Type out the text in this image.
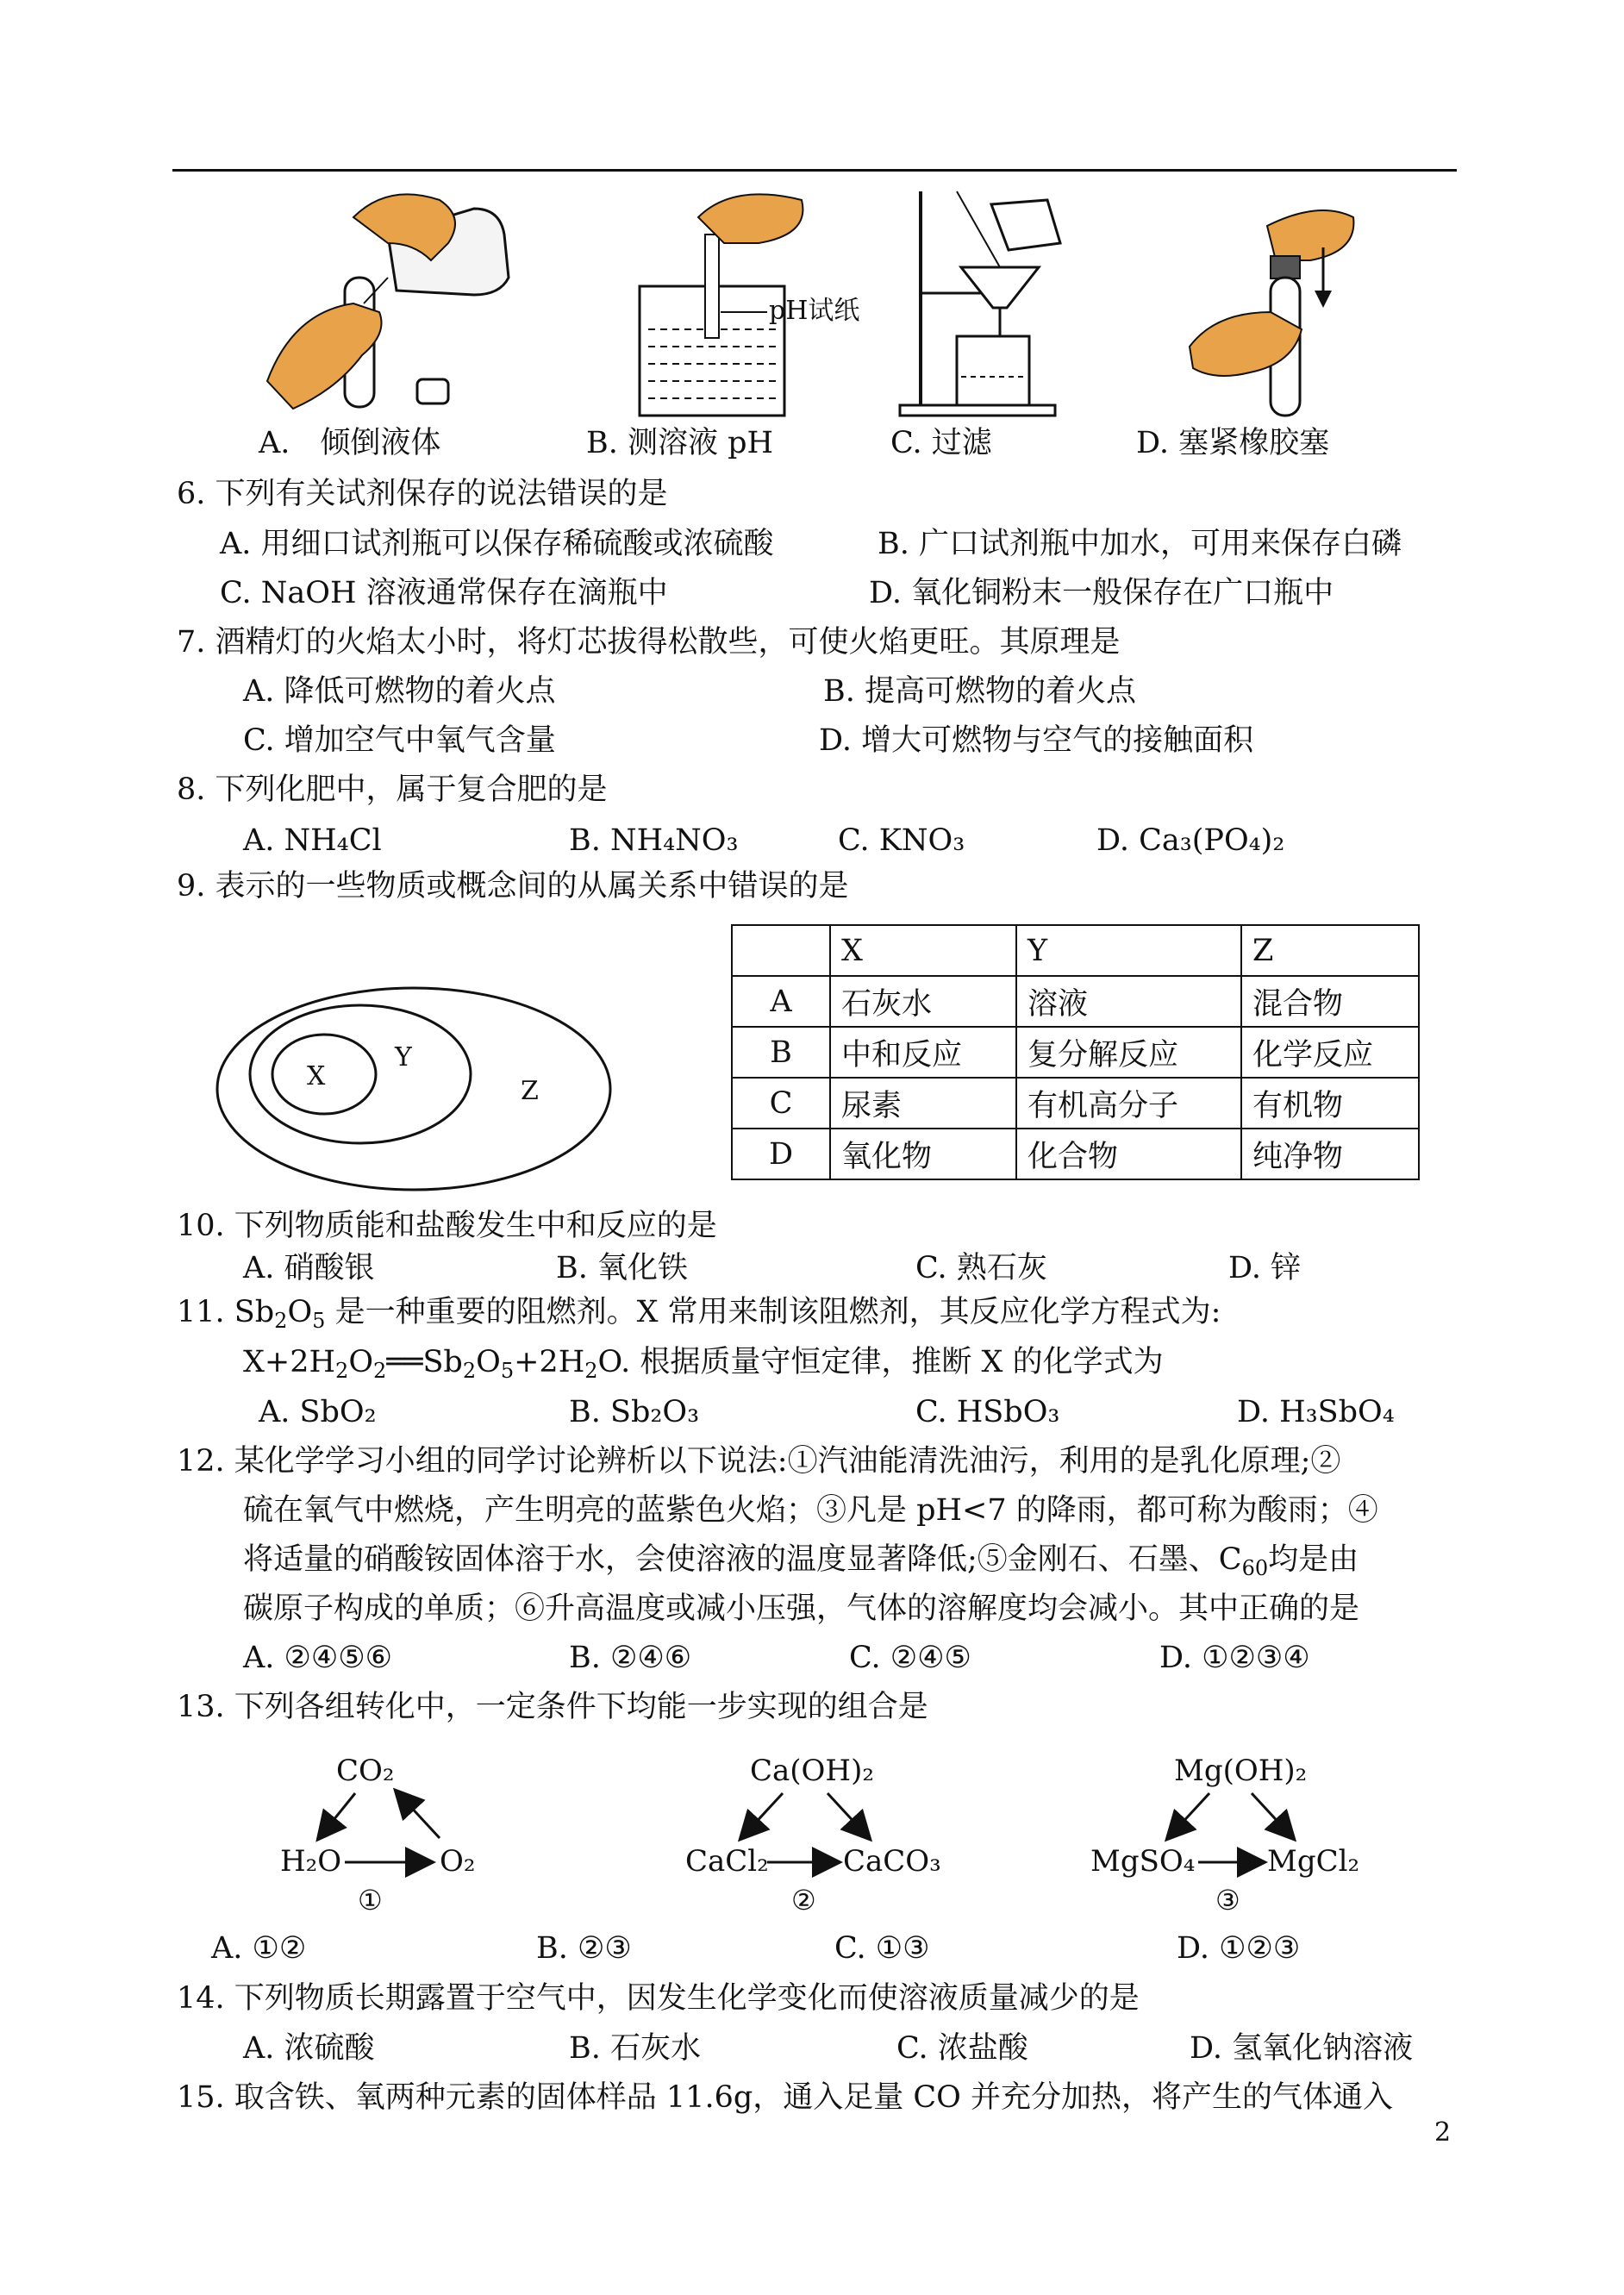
A.　倾倒液体
pH试纸
B. 测溶液 pH	C. 过滤	D. 塞紧橡胶塞
6. 下列有关试剂保存的说法错误的是
A. 用细口试剂瓶可以保存稀硫酸或浓硫酸	B. 广口试剂瓶中加水，可用来保存白磷
C. NaOH 溶液通常保存在滴瓶中	D. 氧化铜粉末一般保存在广口瓶中
7. 酒精灯的火焰太小时，将灯芯拔得松散些，可使火焰更旺。其原理是
A. 降低可燃物的着火点	B. 提高可燃物的着火点
C. 增加空气中氧气含量	D. 增大可燃物与空气的接触面积
8. 下列化肥中，属于复合肥的是
A. NH₄Cl	B. NH₄NO₃	C. KNO₃	D. Ca₃(PO₄)₂
9. 表示的一些物质或概念间的从属关系中错误的是
X
Y
Z
	X	Y	Z
A	石灰水	溶液	混合物
B	中和反应	复分解反应	化学反应
C	尿素	有机高分子	有机物
D	氧化物	化合物	纯净物
10. 下列物质能和盐酸发生中和反应的是
A. 硝酸银	B. 氧化铁	C. 熟石灰	D. 锌
11. $Sb_2O_5$ 是一种重要的阻燃剂。X 常用来制该阻燃剂，其反应化学方程式为:
$X+2H_2O_2══Sb_2O_5+2H_2O$. 根据质量守恒定律，推断 X 的化学式为
A. SbO₂	B. Sb₂O₃	C. HSbO₃	D. H₃SbO₄
12. 某化学学习小组的同学讨论辨析以下说法:①汽油能清洗油污，利用的是乳化原理;②
硫在氧气中燃烧，产生明亮的蓝紫色火焰；③凡是 pH<7 的降雨，都可称为酸雨；④
将适量的硝酸铵固体溶于水，会使溶液的温度显著降低;⑤金刚石、石墨、$C_{60}$均是由
碳原子构成的单质；⑥升高温度或减小压强，气体的溶解度均会减小。其中正确的是
A. ②④⑤⑥	B. ②④⑥	C. ②④⑤	D. ①②③④
13. 下列各组转化中，一定条件下均能一步实现的组合是
CO₂
H₂O	O₂
①
Ca(OH)₂
CaCl₂	CaCO₃
②
Mg(OH)₂
MgSO₄ MgCl₂
③
A. ①②	B. ②③	C. ①③	D. ①②③
14. 下列物质长期露置于空气中，因发生化学变化而使溶液质量减少的是
A. 浓硫酸	B. 石灰水	C. 浓盐酸	D. 氢氧化钠溶液
15. 取含铁、氧两种元素的固体样品 11.6g，通入足量 CO 并充分加热，将产生的气体通入
2
